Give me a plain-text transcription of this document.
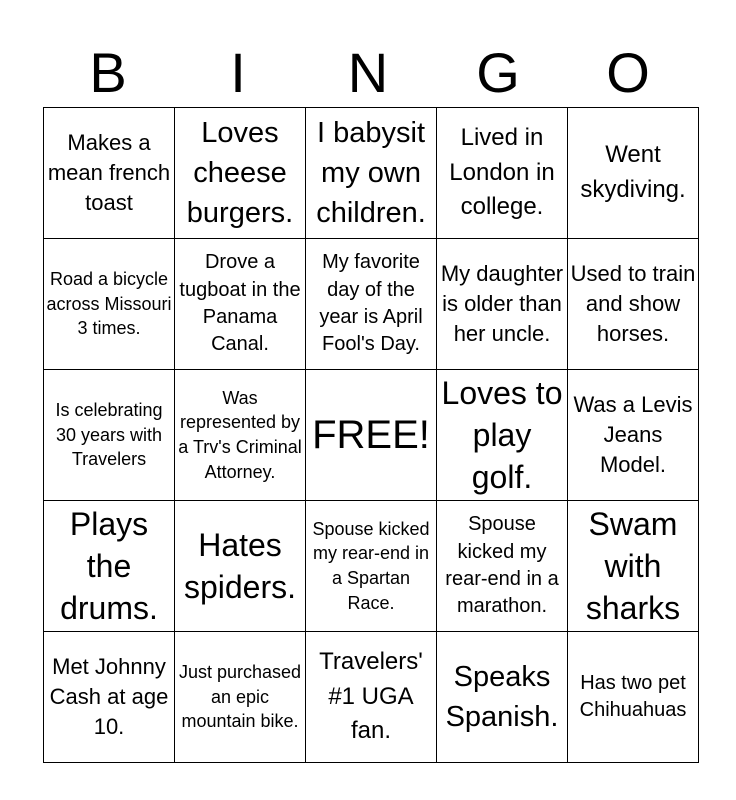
B	I	N	G	O
Makes a mean french toast	Loves cheese burgers.	I babysit my own children.	Lived in London in college.	Went skydiving.

Road a bicycle across Missouri 3 times.	Drove a tugboat in the Panama Canal.	My favorite day of the year is April Fool's Day.	My daughter is older than her uncle.	Used to train and show horses.

Is celebrating 30 years with Travelers	Was represented by a Trv's Criminal Attorney.	FREE!	Loves to play golf.	Was a Levis Jeans Model.

Plays the drums.	Hates spiders.	Spouse kicked my rear-end in a Spartan Race.	Spouse kicked my rear-end in a marathon.	Swam with sharks

Met Johnny Cash at age 10.	Just purchased an epic mountain bike.	Travelers' #1 UGA fan.	Speaks Spanish.	Has two pet Chihuahuas
